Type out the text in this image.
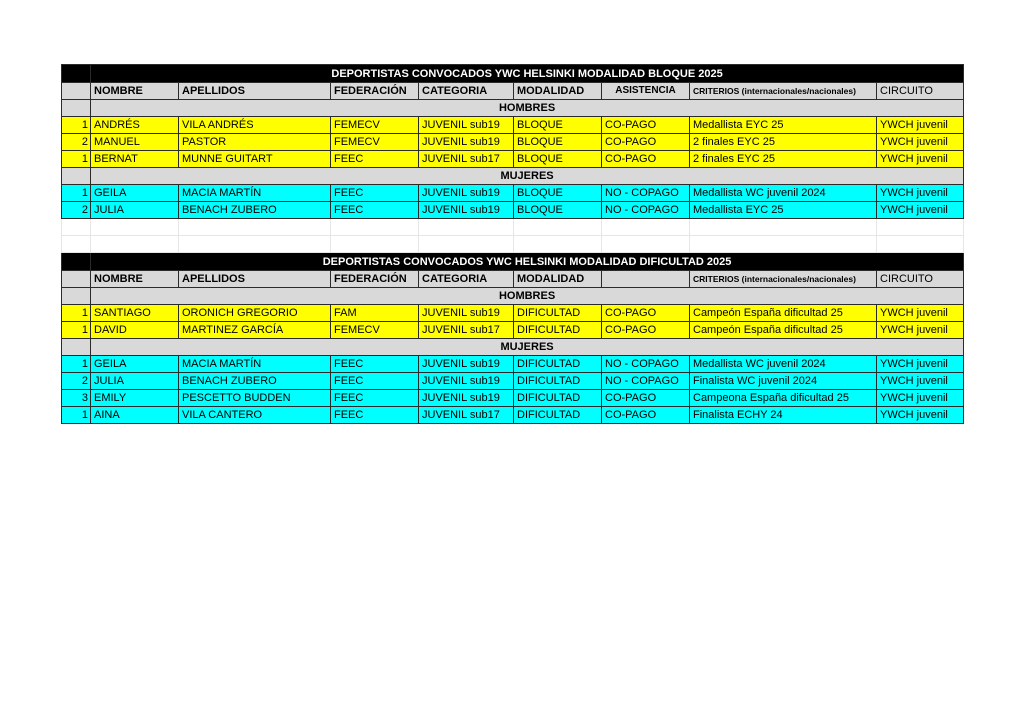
	DEPORTISTAS CONVOCADOS YWC HELSINKI MODALIDAD BLOQUE 2025							
	NOMBRE	APELLIDOS	FEDERACIÓN	CATEGORIA	MODALIDAD	ASISTENCIA	CRITERIOS (internacionales/nacionales)	CIRCUITO
	HOMBRES							
1	ANDRÉS	VILA ANDRÉS	FEMECV	JUVENIL sub19	BLOQUE	CO-PAGO	Medallista EYC 25	YWCH juvenil
2	MANUEL	PASTOR	FEMECV	JUVENIL sub19	BLOQUE	CO-PAGO	2 finales EYC 25	YWCH juvenil
1	BERNAT	MUNNE GUITART	FEEC	JUVENIL sub17	BLOQUE	CO-PAGO	2 finales EYC 25	YWCH juvenil
	MUJERES							
1	GEILA	MACIA MARTÍN	FEEC	JUVENIL sub19	BLOQUE	NO - COPAGO	Medallista WC juvenil 2024	YWCH juvenil
2	JULIA	BENACH ZUBERO	FEEC	JUVENIL sub19	BLOQUE	NO - COPAGO	Medallista EYC 25	YWCH juvenil

	DEPORTISTAS CONVOCADOS YWC HELSINKI MODALIDAD DIFICULTAD 2025							
	NOMBRE	APELLIDOS	FEDERACIÓN	CATEGORIA	MODALIDAD		CRITERIOS (internacionales/nacionales)	CIRCUITO
	HOMBRES							
1	SANTIAGO	ORONICH GREGORIO	FAM	JUVENIL sub19	DIFICULTAD	CO-PAGO	Campeón España dificultad 25	YWCH juvenil
1	DAVID	MARTINEZ GARCÍA	FEMECV	JUVENIL sub17	DIFICULTAD	CO-PAGO	Campeón España dificultad 25	YWCH juvenil
	MUJERES							
1	GEILA	MACIA MARTÍN	FEEC	JUVENIL sub19	DIFICULTAD	NO - COPAGO	Medallista WC juvenil 2024	YWCH juvenil
2	JULIA	BENACH ZUBERO	FEEC	JUVENIL sub19	DIFICULTAD	NO - COPAGO	Finalista WC juvenil 2024	YWCH juvenil
3	EMILY	PESCETTO BUDDEN	FEEC	JUVENIL sub19	DIFICULTAD	CO-PAGO	Campeona España dificultad 25	YWCH juvenil
1	AINA	VILA CANTERO	FEEC	JUVENIL sub17	DIFICULTAD	CO-PAGO	Finalista ECHY 24	YWCH juvenil
